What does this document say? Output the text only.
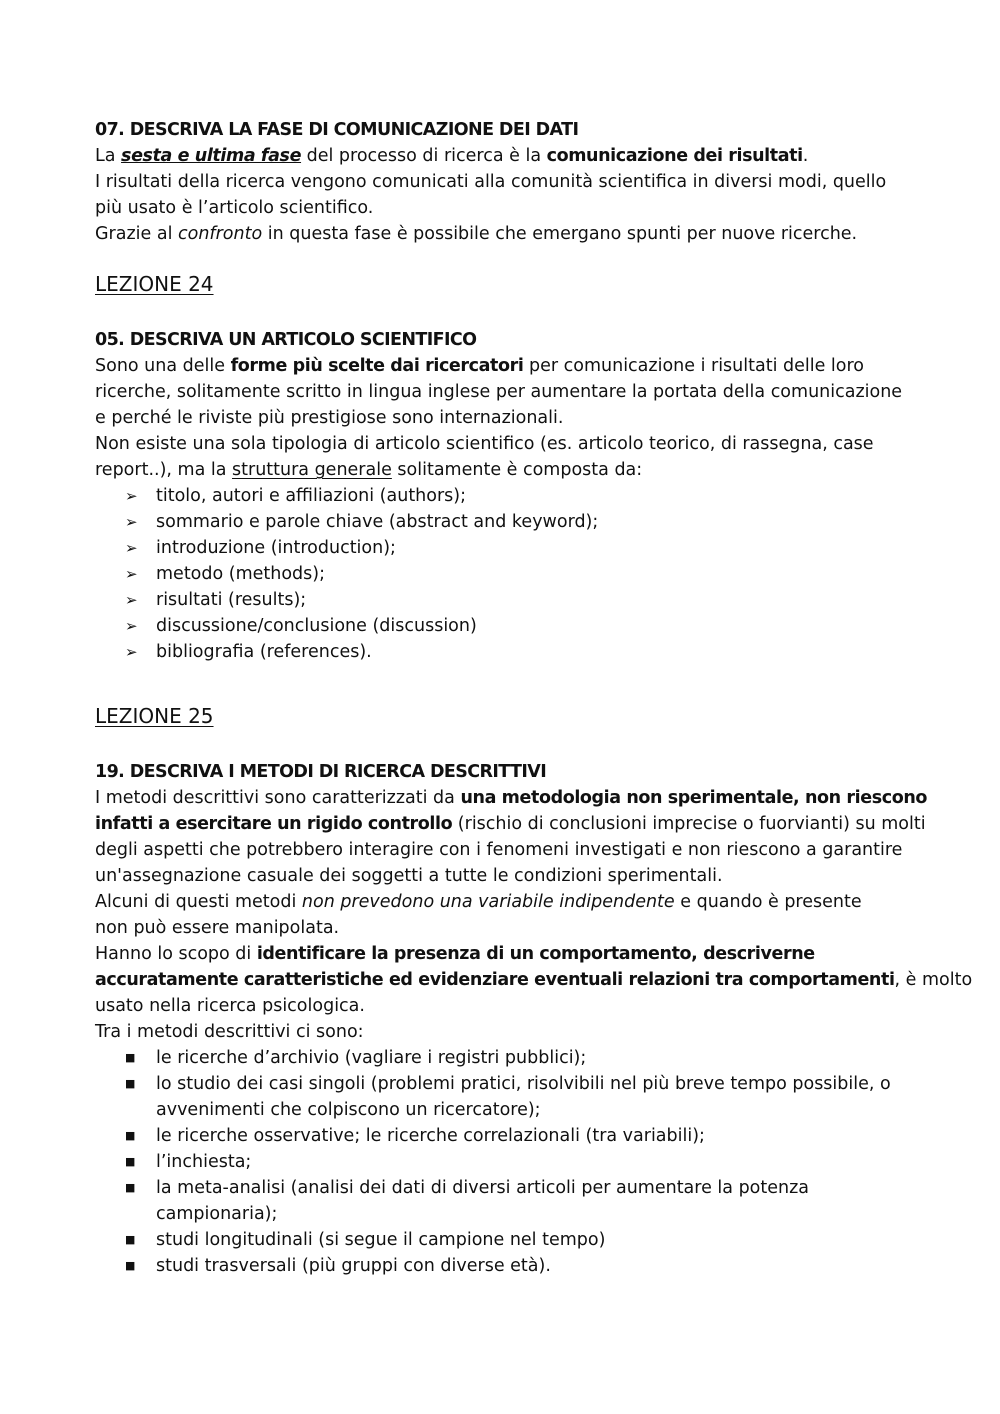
07. DESCRIVA LA FASE DI COMUNICAZIONE DEI DATI

La sesta e ultima fase del processo di ricerca è la comunicazione dei risultati.

I risultati della ricerca vengono comunicati alla comunità scientifica in diversi modi, quello

più usato è l’articolo scientifico.

Grazie al confronto in questa fase è possibile che emergano spunti per nuove ricerche.

LEZIONE 24

05. DESCRIVA UN ARTICOLO SCIENTIFICO

Sono una delle forme più scelte dai ricercatori per comunicazione i risultati delle loro

ricerche, solitamente scritto in lingua inglese per aumentare la portata della comunicazione

e perché le riviste più prestigiose sono internazionali.

Non esiste una sola tipologia di articolo scientifico (es. articolo teorico, di rassegna, case

report..), ma la struttura generale solitamente è composta da:

➢	titolo, autori e affiliazioni (authors);
➢	sommario e parole chiave (abstract and keyword);
➢	introduzione (introduction);
➢	metodo (methods);
➢	risultati (results);
➢	discussione/conclusione (discussion)
➢	bibliografia (references).

LEZIONE 25

19. DESCRIVA I METODI DI RICERCA DESCRITTIVI

I metodi descrittivi sono caratterizzati da una metodologia non sperimentale, non riescono

infatti a esercitare un rigido controllo (rischio di conclusioni imprecise o fuorvianti) su molti

degli aspetti che potrebbero interagire con i fenomeni investigati e non riescono a garantire

un'assegnazione casuale dei soggetti a tutte le condizioni sperimentali.

Alcuni di questi metodi non prevedono una variabile indipendente e quando è presente

non può essere manipolata.

Hanno lo scopo di identificare la presenza di un comportamento, descriverne

accuratamente caratteristiche ed evidenziare eventuali relazioni tra comportamenti, è molto

usato nella ricerca psicologica.

Tra i metodi descrittivi ci sono:

■	le ricerche d’archivio (vagliare i registri pubblici);
■	lo studio dei casi singoli (problemi pratici, risolvibili nel più breve tempo possibile, o
avvenimenti che colpiscono un ricercatore);
■	le ricerche osservative; le ricerche correlazionali (tra variabili);
■	l’inchiesta;
■	la meta-analisi (analisi dei dati di diversi articoli per aumentare la potenza
campionaria);
■	studi longitudinali (si segue il campione nel tempo)
■	studi trasversali (più gruppi con diverse età).
